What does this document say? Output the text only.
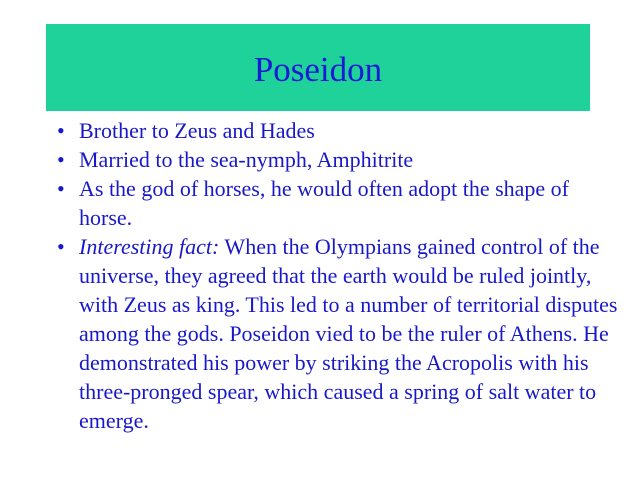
Poseidon
• Brother to Zeus and Hades
• Married to the sea-nymph, Amphitrite
• As the god of horses, he would often adopt the shape of horse.
• Interesting fact: When the Olympians gained control of the universe, they agreed that the earth would be ruled jointly, with Zeus as king. This led to a number of territorial disputes among the gods. Poseidon vied to be the ruler of Athens. He demonstrated his power by striking the Acropolis with his three-pronged spear, which caused a spring of salt water to emerge.
